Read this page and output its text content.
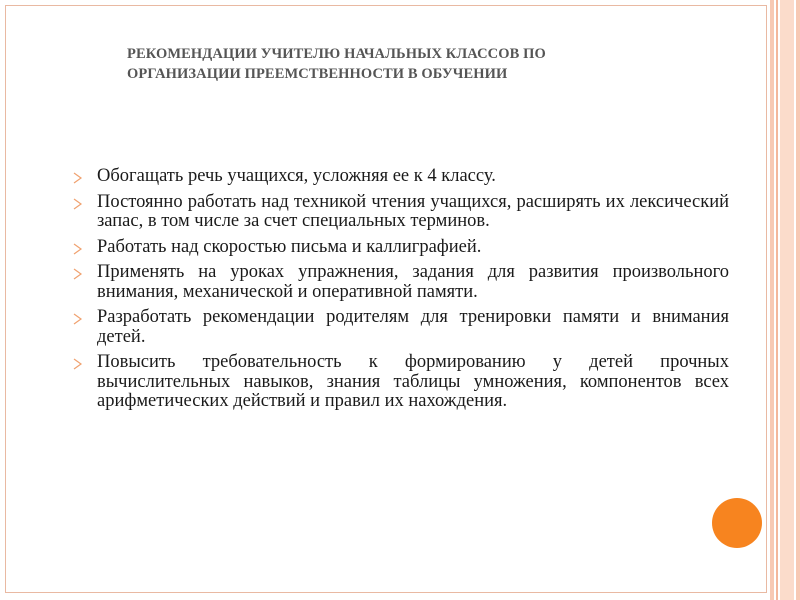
РЕКОМЕНДАЦИИ УЧИТЕЛЮ НАЧАЛЬНЫХ КЛАССОВ ПО
ОРГАНИЗАЦИИ ПРЕЕМСТВЕННОСТИ В ОБУЧЕНИИ
Обогащать речь учащихся, усложняя ее к 4 классу.
Постоянно работать над техникой чтения учащихся, расширять их лексический запас, в том числе за счет специальных терминов.
Работать над скоростью письма и каллиграфией.
Применять на уроках упражнения, задания для развития произвольного внимания, механической и оперативной памяти.
Разработать рекомендации родителям для тренировки памяти и внимания детей.
Повысить требовательность к формированию у детей прочных вычислительных навыков, знания таблицы умножения, компонентов всех арифметических действий и правил их нахождения.
